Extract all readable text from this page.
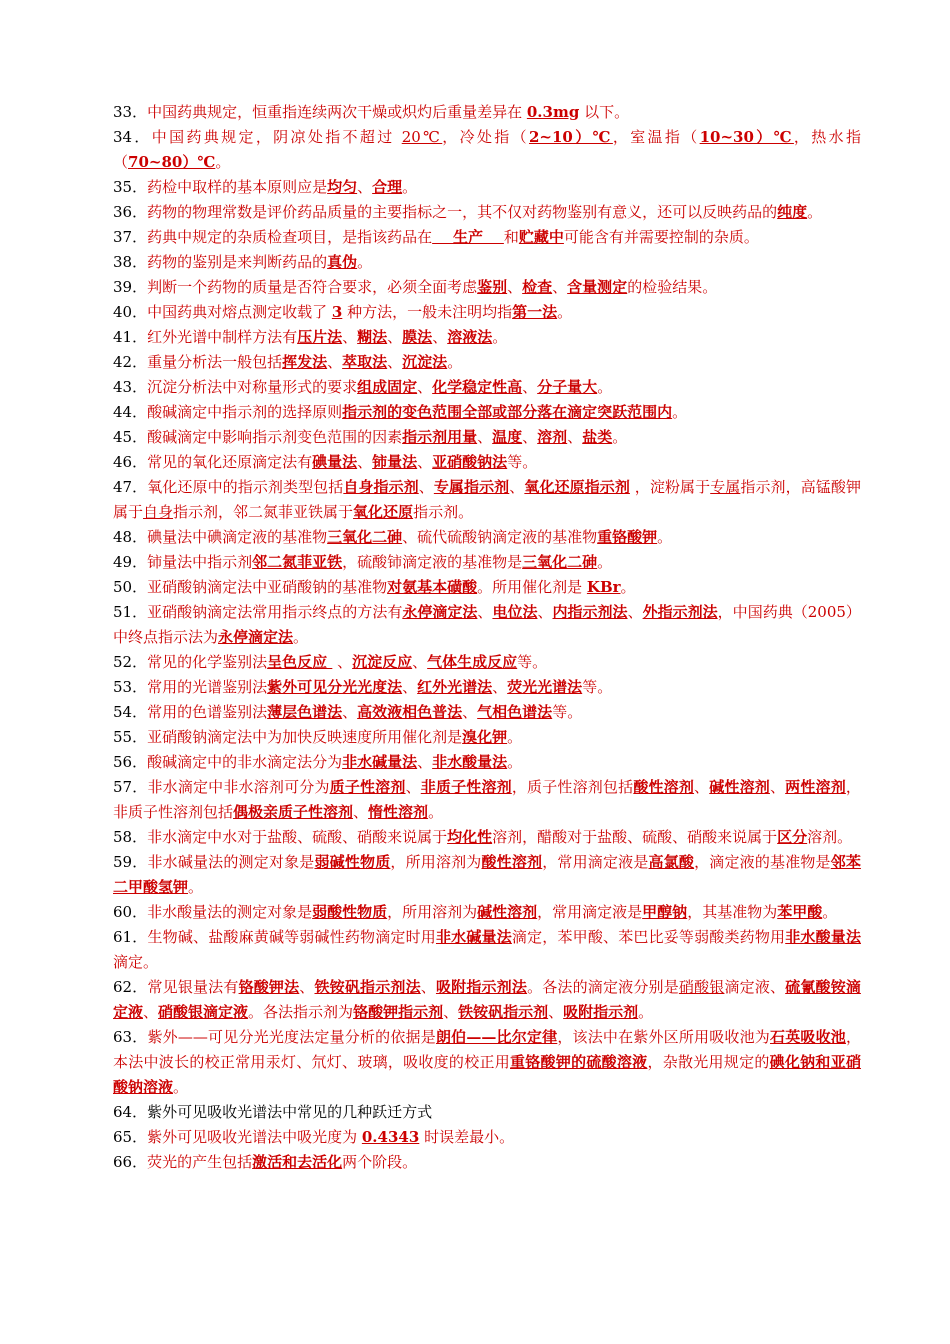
33．中国药典规定，恒重指连续两次干燥或炽灼后重量差异在 0.3mg 以下。

34．中国药典规定，阴凉处指不超过 20℃，冷处指（2~10）℃，室温指（10~30）℃，热水指（70~80）℃。

35．药检中取样的基本原则应是均匀、合理。

36．药物的物理常数是评价药品质量的主要指标之一，其不仅对药物鉴别有意义，还可以反映药品的纯度。

37．药典中规定的杂质检查项目，是指该药品在    生产    和贮藏中可能含有并需要控制的杂质。

38．药物的鉴别是来判断药品的真伪。

39．判断一个药物的质量是否符合要求，必须全面考虑鉴别、检查、含量测定的检验结果。

40．中国药典对熔点测定收载了 3 种方法，一般未注明均指第一法。

41．红外光谱中制样方法有压片法、糊法、膜法、溶液法。

42．重量分析法一般包括挥发法、萃取法、沉淀法。

43．沉淀分析法中对称量形式的要求组成固定、化学稳定性高、分子量大。

44．酸碱滴定中指示剂的选择原则指示剂的变色范围全部或部分落在滴定突跃范围内。

45．酸碱滴定中影响指示剂变色范围的因素指示剂用量、温度、溶剂、盐类。

46．常见的氧化还原滴定法有碘量法、铈量法、亚硝酸钠法等。

47．氧化还原中的指示剂类型包括自身指示剂、专属指示剂、氧化还原指示剂 ，淀粉属于专属指示剂，高锰酸钾属于自身指示剂，邻二氮菲亚铁属于氧化还原指示剂。

48．碘量法中碘滴定液的基准物三氧化二砷、硫代硫酸钠滴定液的基准物重铬酸钾。

49．铈量法中指示剂邻二氮菲亚铁，硫酸铈滴定液的基准物是三氧化二砷。

50．亚硝酸钠滴定法中亚硝酸钠的基准物对氨基本磺酸。所用催化剂是 KBr。

51．亚硝酸钠滴定法常用指示终点的方法有永停滴定法、电位法、内指示剂法、外指示剂法，中国药典（2005）中终点指示法为永停滴定法。

52．常见的化学鉴别法呈色反应  、沉淀反应、气体生成反应等。

53．常用的光谱鉴别法紫外可见分光光度法、红外光谱法、荧光光谱法等。

54．常用的色谱鉴别法薄层色谱法、高效液相色普法、气相色谱法等。

55．亚硝酸钠滴定法中为加快反映速度所用催化剂是溴化钾。

56．酸碱滴定中的非水滴定法分为非水碱量法、非水酸量法。

57．非水滴定中非水溶剂可分为质子性溶剂、非质子性溶剂，质子性溶剂包括酸性溶剂、碱性溶剂、两性溶剂，非质子性溶剂包括偶极亲质子性溶剂、惰性溶剂。

58．非水滴定中水对于盐酸、硫酸、硝酸来说属于均化性溶剂，醋酸对于盐酸、硫酸、硝酸来说属于区分溶剂。

59．非水碱量法的测定对象是弱碱性物质，所用溶剂为酸性溶剂，常用滴定液是高氯酸，滴定液的基准物是邻苯二甲酸氢钾。

60．非水酸量法的测定对象是弱酸性物质，所用溶剂为碱性溶剂，常用滴定液是甲醇钠，其基准物为苯甲酸。

61．生物碱、盐酸麻黄碱等弱碱性药物滴定时用非水碱量法滴定，苯甲酸、苯巴比妥等弱酸类药物用非水酸量法滴定。

62．常见银量法有铬酸钾法、铁铵矾指示剂法、吸附指示剂法。各法的滴定液分别是硝酸银滴定液、硫氰酸铵滴定液、硝酸银滴定液。各法指示剂为铬酸钾指示剂、铁铵矾指示剂、吸附指示剂。

63．紫外——可见分光光度法定量分析的依据是朗伯——比尔定律，该法中在紫外区所用吸收池为石英吸收池，本法中波长的校正常用汞灯、氘灯、玻璃，吸收度的校正用重铬酸钾的硫酸溶液，杂散光用规定的碘化钠和亚硝酸钠溶液。

64．紫外可见吸收光谱法中常见的几种跃迁方式

65．紫外可见吸收光谱法中吸光度为 0.4343 时误差最小。

66．荧光的产生包括激活和去活化两个阶段。
